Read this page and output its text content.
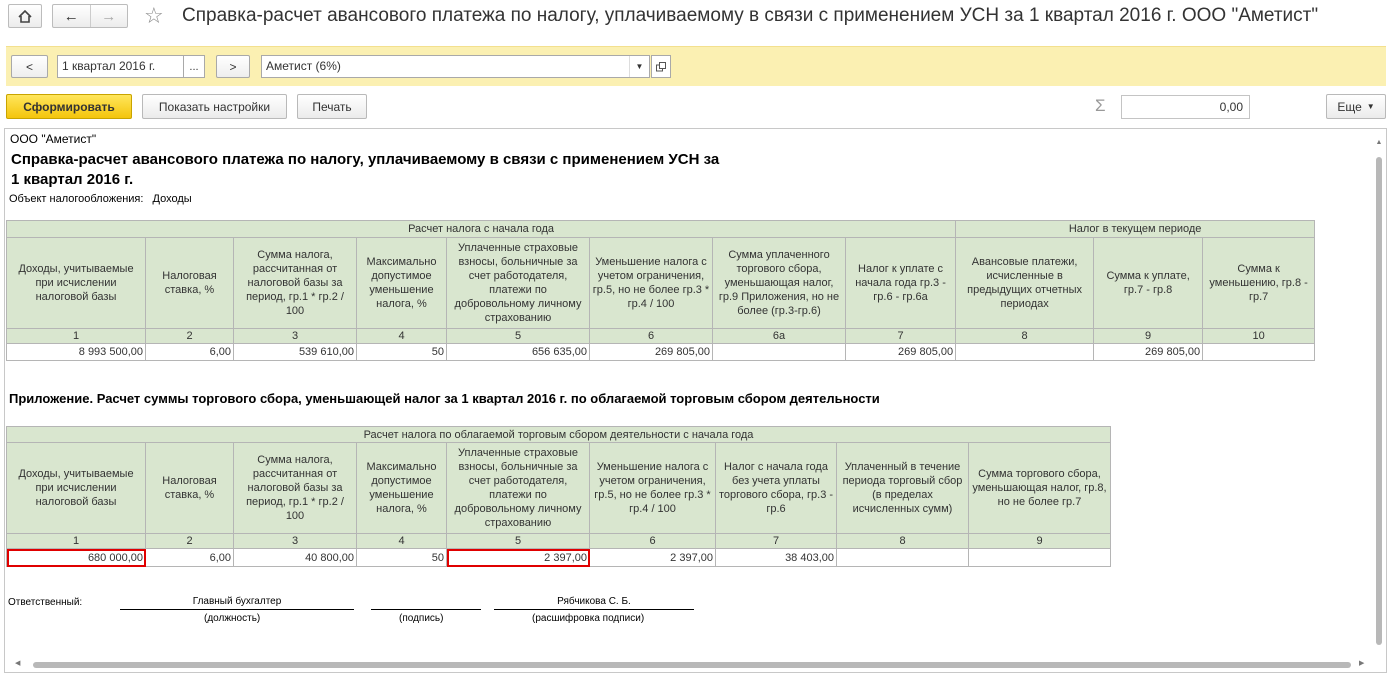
←	→	☆ Справка-расчет авансового платежа по налогу, уплачиваемому в связи с применением УСН за 1 квартал 2016 г. ООО "Аметист"
<	1 квартал 2016 г.	...	>	Аметист (6%)	▼
Сформировать	Показать настройки	Печать	Σ	0,00	Еще ▼
ООО "Аметист"
Справка-расчет авансового платежа по налогу, уплачиваемому в связи с применением УСН за
1 квартал 2016 г.
Объект налогообложения: Доходы
Расчет налога с начала года								Налог в текущем периоде		
Доходы, учитываемые при исчислении налоговой базы	Налоговая ставка, %	Сумма налога, рассчитанная от налоговой базы за период, гр.1 * гр.2 / 100	Максимально допустимое уменьшение налога, %	Уплаченные страховые взносы, больничные за счет работодателя, платежи по добровольному личному страхованию	Уменьшение налога с учетом ограничения, гр.5, но не более гр.3 * гр.4 / 100	Сумма уплаченного торгового сбора, уменьшающая налог, гр.9 Приложения, но не более (гр.3-гр.6)	Налог к уплате с начала года гр.3 - гр.6 - гр.6а	Авансовые платежи, исчисленные в предыдущих отчетных периодах	Сумма к уплате, гр.7 - гр.8	Сумма к уменьшению, гр.8 - гр.7
1	2	3	4	5	6	6а	7	8	9	10
8 993 500,00	6,00	539 610,00	50	656 635,00	269 805,00		269 805,00		269 805,00	
Приложение. Расчет суммы торгового сбора, уменьшающей налог за 1 квартал 2016 г. по облагаемой торговым сбором деятельности
Расчет налога по облагаемой торговым сбором деятельности с начала года								
Доходы, учитываемые при исчислении налоговой базы	Налоговая ставка, %	Сумма налога, рассчитанная от налоговой базы за период, гр.1 * гр.2 / 100	Максимально допустимое уменьшение налога, %	Уплаченные страховые взносы, больничные за счет работодателя, платежи по добровольному личному страхованию	Уменьшение налога с учетом ограничения, гр.5, но не более гр.3 * гр.4 / 100	Налог с начала года без учета уплаты торгового сбора, гр.3 - гр.6	Уплаченный в течение периода торговый сбор (в пределах исчисленных сумм)	Сумма торгового сбора, уменьшающая налог, гр.8, но не более гр.7
1	2	3	4	5	6	7	8	9
680 000,00	6,00	40 800,00	50	2 397,00	2 397,00	38 403,00		
Ответственный:	Главный бухгалтер
(должность)	(подпись)
Рябчикова С. Б.
(расшифровка подписи)
▲
◀	▶
